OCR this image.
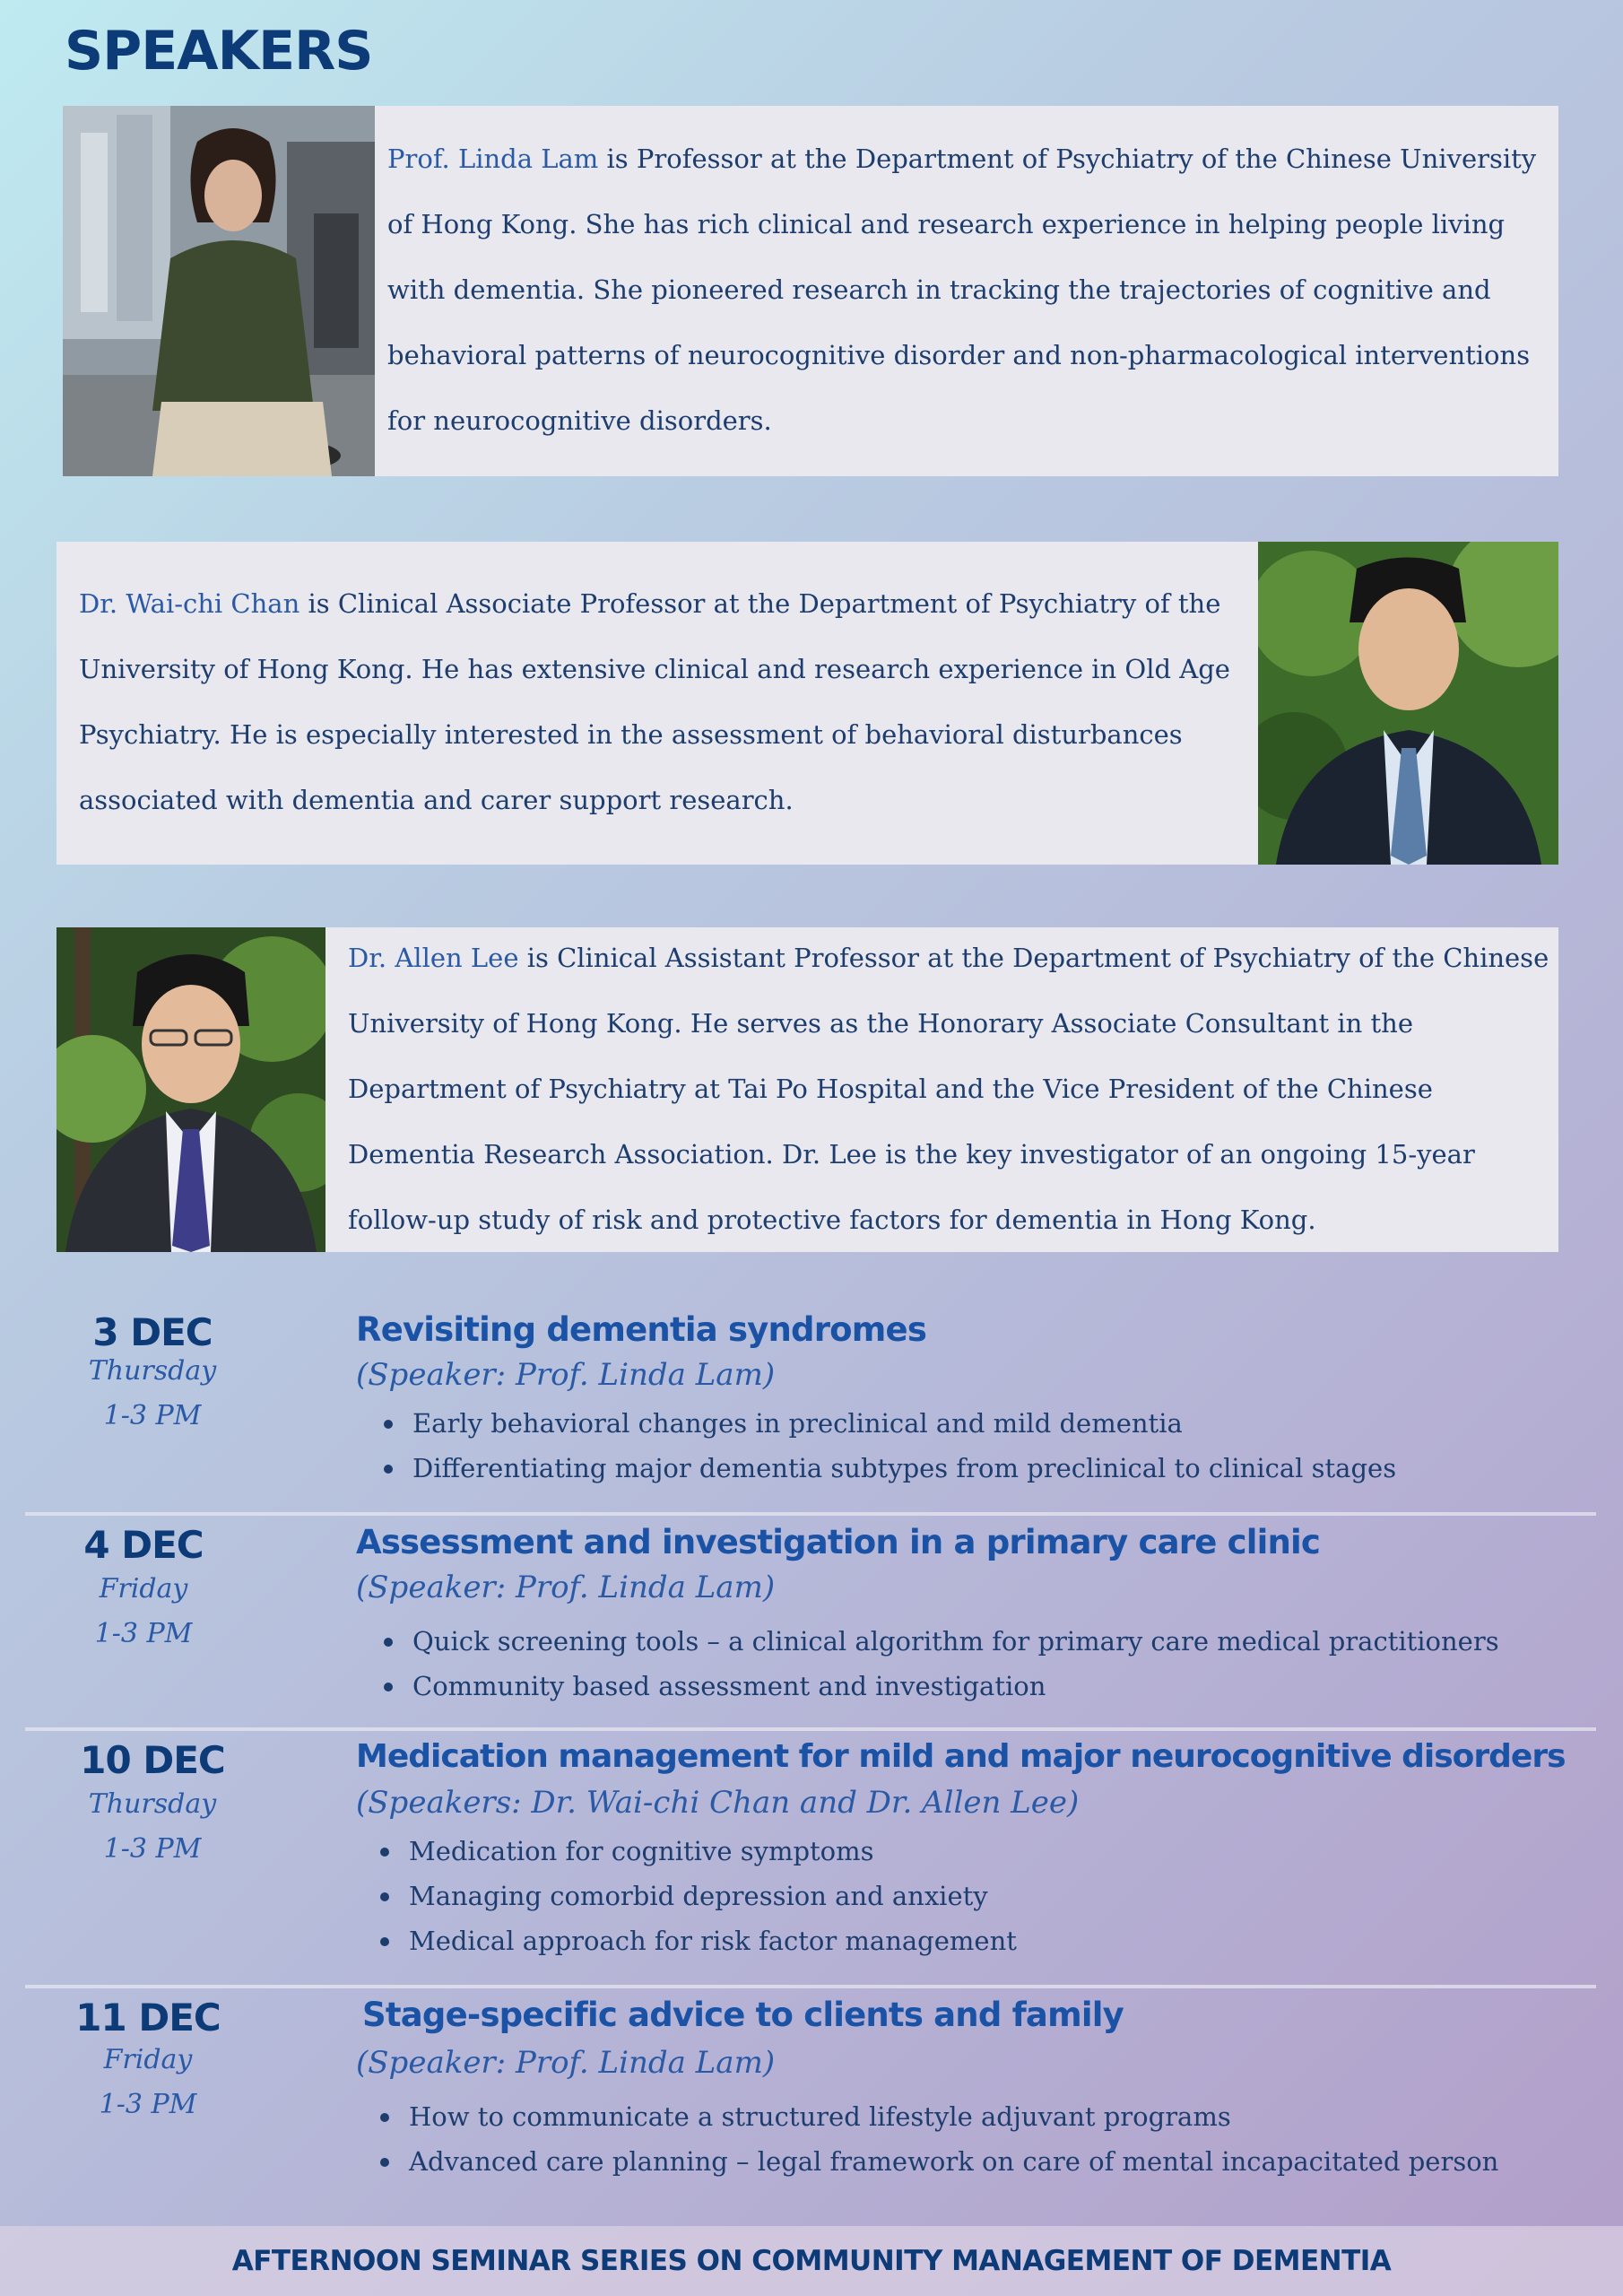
SPEAKERS

Prof. Linda Lam is Professor at the Department of Psychiatry of the Chinese University of Hong Kong. She has rich clinical and research experience in helping people living with dementia. She pioneered research in tracking the trajectories of cognitive and behavioral patterns of neurocognitive disorder and non-pharmacological interventions for neurocognitive disorders.

Dr. Wai-chi Chan is Clinical Associate Professor at the Department of Psychiatry of the University of Hong Kong. He has extensive clinical and research experience in Old Age Psychiatry. He is especially interested in the assessment of behavioral disturbances associated with dementia and carer support research.

Dr. Allen Lee is Clinical Assistant Professor at the Department of Psychiatry of the Chinese University of Hong Kong. He serves as the Honorary Associate Consultant in the Department of Psychiatry at Tai Po Hospital and the Vice President of the Chinese Dementia Research Association. Dr. Lee is the key investigator of an ongoing 15-year follow-up study of risk and protective factors for dementia in Hong Kong.

3 DEC
Thursday
1-3 PM
Revisiting dementia syndromes
(Speaker: Prof. Linda Lam)
Early behavioral changes in preclinical and mild dementia
Differentiating major dementia subtypes from preclinical to clinical stages
4 DEC
Friday
1-3 PM
Assessment and investigation in a primary care clinic
(Speaker: Prof. Linda Lam)
Quick screening tools – a clinical algorithm for primary care medical practitioners
Community based assessment and investigation
10 DEC
Thursday
1-3 PM
Medication management for mild and major neurocognitive disorders
(Speakers: Dr. Wai-chi Chan and Dr. Allen Lee)
Medication for cognitive symptoms
Managing comorbid depression and anxiety
Medical approach for risk factor management
11 DEC
Friday
1-3 PM
Stage-specific advice to clients and family
(Speaker: Prof. Linda Lam)
How to communicate a structured lifestyle adjuvant programs
Advanced care planning – legal framework on care of mental incapacitated person
AFTERNOON SEMINAR SERIES ON COMMUNITY MANAGEMENT OF DEMENTIA
